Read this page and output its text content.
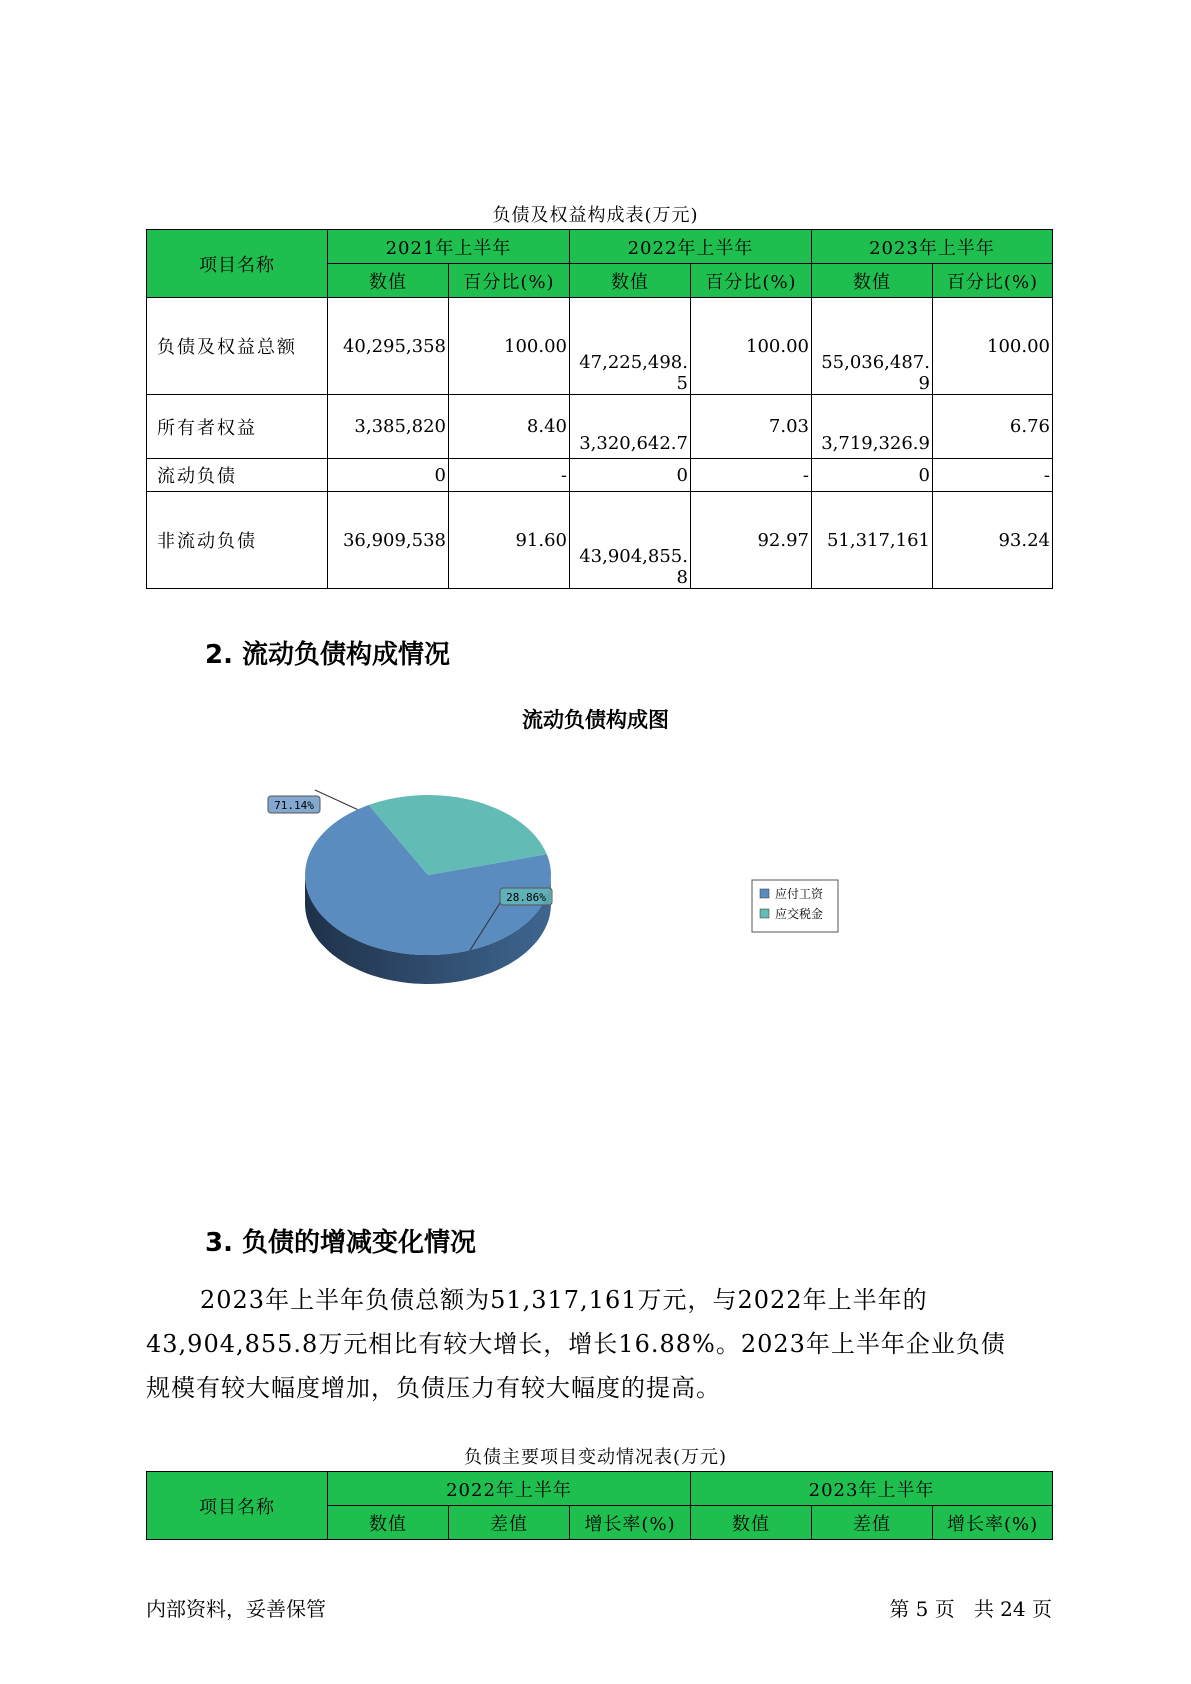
负债及权益构成表(万元)
项目名称	2021年上半年		2022年上半年		2023年上半年	
	数值	百分比(%)	数值	百分比(%)	数值	百分比(%)
负债及权益总额	40,295,358	100.00	47,225,498.5	100.00	55,036,487.9	100.00
所有者权益	3,385,820	8.40	3,320,642.7	7.03	3,719,326.9	6.76
流动负债	0	-	0	-	0	-
非流动负债	36,909,538	91.60	43,904,855.8	92.97	51,317,161	93.24
2. 流动负债构成情况
流动负债构成图
71.14%
28.86%	应付工资
应交税金
3. 负债的增减变化情况
2023年上半年负债总额为51,317,161万元，与2022年上半年的
43,904,855.8万元相比有较大增长，增长16.88%。2023年上半年企业负债
规模有较大幅度增加，负债压力有较大幅度的提高。
负债主要项目变动情况表(万元)
项目名称	2022年上半年			2023年上半年		
	数值	差值	增长率(%)	数值	差值	增长率(%)
内部资料，妥善保管	第 5 页   共 24 页
